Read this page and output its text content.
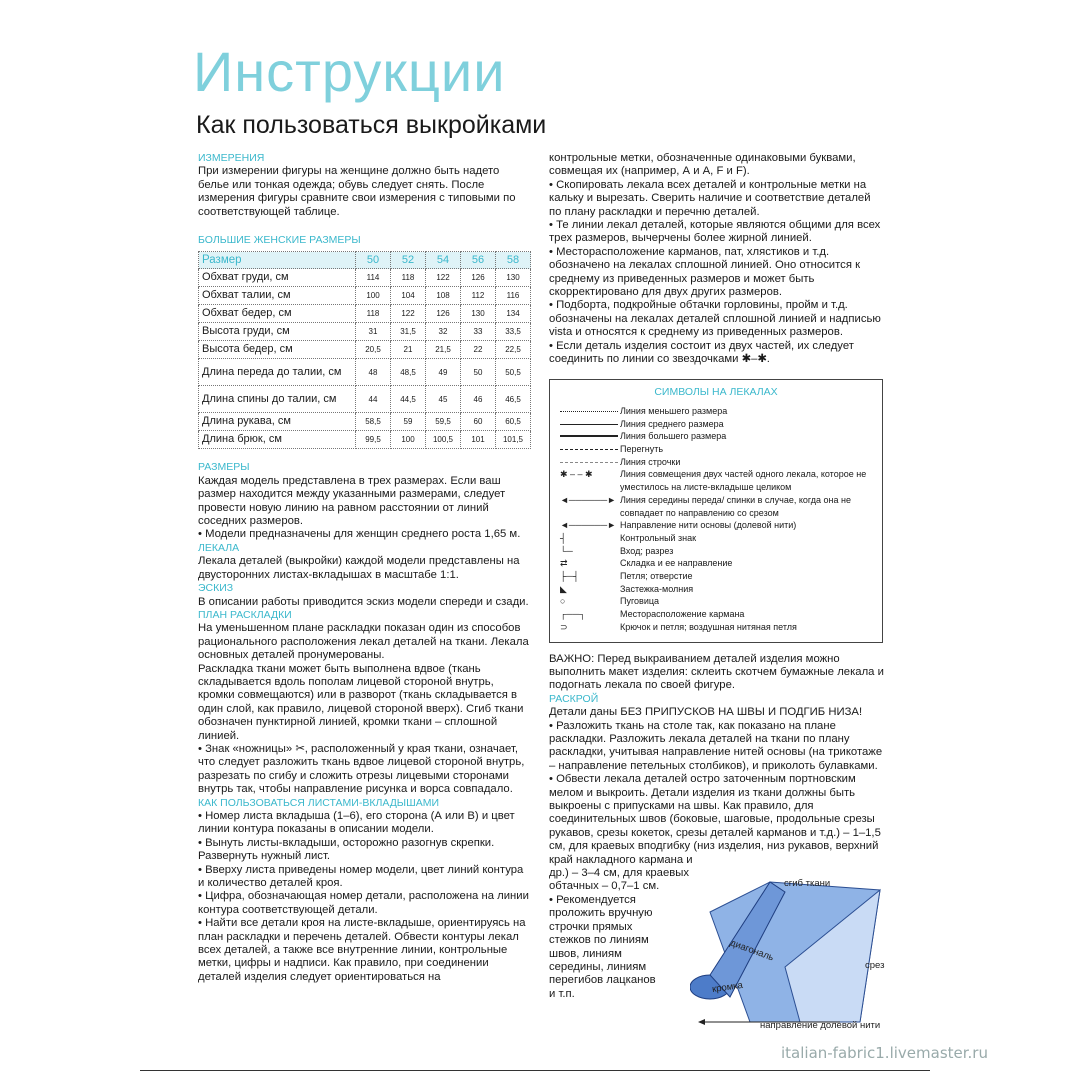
Инструкции
Как пользоваться выкройками

ИЗМЕРЕНИЯ

При измерении фигуры на женщине должно быть надето белье или тонкая одежда; обувь следует снять. После измерения фигуры сравните свои измерения с типовыми по соответствующей таблице.

БОЛЬШИЕ ЖЕНСКИЕ РАЗМЕРЫ

Размер	50	52	54	56	58
Обхват груди, см	114	118	122	126	130
Обхват талии, см	100	104	108	112	116
Обхват бедер, см	118	122	126	130	134
Высота груди, см	31	31,5	32	33	33,5
Высота бедер, см	20,5	21	21,5	22	22,5
Длина переда до талии, см	48	48,5	49	50	50,5
Длина спины до талии, см	44	44,5	45	46	46,5
Длина рукава, см	58,5	59	59,5	60	60,5
Длина брюк, см	99,5	100	100,5	101	101,5

РАЗМЕРЫ

Каждая модель представлена в трех размерах. Если ваш размер находится между указанными размерами, следует провести новую линию на равном расстоянии от линий соседних размеров.

• Модели предназначены для женщин среднего роста 1,65 м.

ЛЕКАЛА

Лекала деталей (выкройки) каждой модели представлены на двусторонних листах-вкладышах в масштабе 1:1.

ЭСКИЗ

В описании работы приводится эскиз модели спереди и сзади.

ПЛАН РАСКЛАДКИ

На уменьшенном плане раскладки показан один из способов рационального расположения лекал деталей на ткани. Лекала основных деталей пронумерованы.

Раскладка ткани может быть выполнена вдвое (ткань складывается вдоль пополам лицевой стороной внутрь, кромки совмещаются) или в разворот (ткань складывается в один слой, как правило, лицевой стороной вверх). Сгиб ткани обозначен пунктирной линией, кромки ткани – сплошной линией.

• Знак «ножницы» ✂, расположенный у края ткани, означает, что следует разложить ткань вдвое лицевой стороной внутрь, разрезать по сгибу и сложить отрезы лицевыми сторонами внутрь так, чтобы направление рисунка и ворса совпадало.

КАК ПОЛЬЗОВАТЬСЯ ЛИСТАМИ-ВКЛАДЫШАМИ

• Номер листа вкладыша (1–6), его сторона (А или В) и цвет линии контура показаны в описании модели.

• Вынуть листы-вкладыши, осторожно разогнув скрепки. Развернуть нужный лист.

• Вверху листа приведены номер модели, цвет линий контура и количество деталей кроя.

• Цифра, обозначающая номер детали, расположена на линии контура соответствующей детали.

• Найти все детали кроя на листе-вкладыше, ориентируясь на план раскладки и перечень деталей. Обвести контуры лекал всех деталей, а также все внутренние линии, контрольные метки, цифры и надписи. Как правило, при соединении деталей изделия следует ориентироваться на

контрольные метки, обозначенные одинаковыми буквами, совмещая их (например, А и А, F и F).

• Скопировать лекала всех деталей и контрольные метки на кальку и вырезать. Сверить наличие и соответствие деталей по плану раскладки и перечню деталей.

• Те линии лекал деталей, которые являются общими для всех трех размеров, вычерчены более жирной линией.

• Месторасположение карманов, пат, хлястиков и т.д. обозначено на лекалах сплошной линией. Оно относится к среднему из приведенных размеров и может быть скорректировано для двух других размеров.

• Подборта, подкройные обтачки горловины, пройм и т.д. обозначены на лекалах деталей сплошной линией и надписью vista и относятся к среднему из приведенных размеров.

• Если деталь изделия состоит из двух частей, их следует соединить по линии со звездочками ✱–✱.

СИМВОЛЫ НА ЛЕКАЛАХ
Линия меньшего размера
Линия среднего размера
Линия большего размера
Перегнуть
Линия строчки
✱ – – ✱	Линия совмещения двух частей одного лекала, которое не уместилось на листе-вкладыше целиком
◄──────► Линия середины переда/ спинки в случае, когда она не совпадает по направлению со срезом
◄──────► Направление нити основы (долевой нити)
┤	Контрольный знак
└─	Вход; разрез
⇄	Складка и ее направление
├─┤	Петля; отверстие
◣	Застежка-молния
○	Пуговица
┌──┐	Месторасположение кармана
⊃	Крючок и петля; воздушная нитяная петля

ВАЖНО: Перед выкраиванием деталей изделия можно выполнить макет изделия: склеить скотчем бумажные лекала и подогнать лекала по своей фигуре.

РАСКРОЙ

Детали даны БЕЗ ПРИПУСКОВ НА ШВЫ И ПОДГИБ НИЗА!

• Разложить ткань на столе так, как показано на плане раскладки. Разложить лекала деталей на ткани по плану раскладки, учитывая направление нитей основы (на трикотаже – направление петельных столбиков), и приколоть булавками.

• Обвести лекала деталей остро заточенным портновским мелом и выкроить. Детали изделия из ткани должны быть выкроены с припусками на швы. Как правило, для соединительных швов (боковые, шаговые, продольные срезы рукавов, срезы кокеток, срезы деталей карманов и т.д.) – 1–1,5 см, для краевых вподгибку (низ изделия, низ рукавов, верхний

край накладного кармана и др.) – 3–4 см, для краевых обтачных – 0,7–1 см.

• Рекомендуется проложить вручную строчки прямых стежков по линиям швов, линиям середины, линиям перегибов лацканов и т.п.

сгиб ткани
диагональ
кромка
срез
направление долевой нити
italian-fabric1.livemaster.ru
